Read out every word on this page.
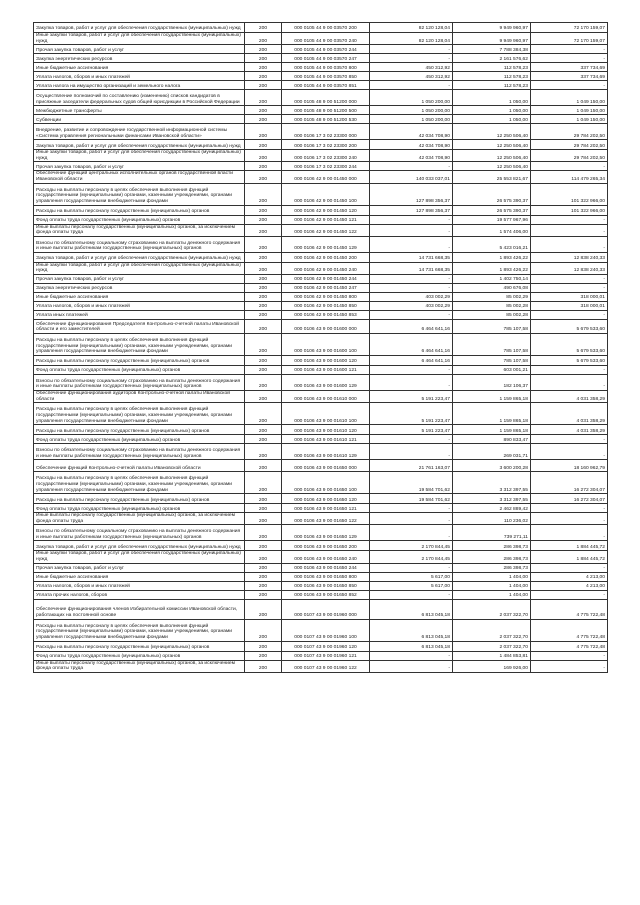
Закупка товаров, работ и услуг для обеспечения государственных (муниципальных) нужд	200	000 0105 44 9 00 03570 200	82 120 128,04	9 949 960,97	72 170 159,07
Иные закупки товаров, работ и услуг для обеспечения государственных (муниципальных) нужд	200	000 0105 44 9 00 03570 240	82 120 128,04	9 949 960,97	72 170 159,07
Прочая закупка товаров, работ и услуг	200	000 0105 44 9 00 03570 244	-	7 788 384,38	-
Закупка энергетических ресурсов	200	000 0105 44 9 00 03570 247	-	2 161 576,62	-
Иные бюджетные ассигнования	200	000 0105 44 9 00 03570 800	450 312,92	112 578,23	337 734,69
Уплата налогов, сборов и иных платежей	200	000 0105 44 9 00 03570 850	450 312,92	112 578,23	337 734,69
Уплата налога на имущество организаций и земельного налога	200	000 0105 44 9 00 03570 851	-	112 578,23	-
Осуществление полномочий по составлению (изменению) списков кандидатов в присяжные заседатели федеральных судов общей юрисдикции в Российской Федерации	200	000 0105 48 9 00 51200 000	1 050 200,00	1 050,00	1 049 150,00
Межбюджетные трансферты	200	000 0105 48 9 00 51200 500	1 050 200,00	1 050,00	1 049 150,00
Субвенции	200	000 0105 48 9 00 51200 530	1 050 200,00	1 050,00	1 049 150,00
Внедрение, развитие и сопровождение государственной информационной системы «Система управления региональными финансами Ивановской области»	200	000 0106 17 3 02 23300 000	42 034 708,90	12 250 506,40	29 784 202,50
Закупка товаров, работ и услуг для обеспечения государственных (муниципальных) нужд	200	000 0106 17 3 02 23300 200	42 034 708,90	12 250 506,40	29 784 202,50
Иные закупки товаров, работ и услуг для обеспечения государственных (муниципальных) нужд	200	000 0106 17 3 02 23300 240	42 034 708,90	12 250 506,40	29 784 202,50
Прочая закупка товаров, работ и услуг	200	000 0106 17 3 02 23300 244	-	12 250 506,40	-
Обеспечение функций центральных исполнительных органов государственной власти Ивановской области	200	000 0106 42 9 00 01450 000	140 033 037,01	25 553 821,67	114 479 265,34
Расходы на выплаты персоналу в целях обеспечения выполнения функций государственными (муниципальными) органами, казенными учреждениями, органами управления государственными внебюджетными фондами	200	000 0106 42 9 00 01450 100	127 898 356,37	26 575 390,37	101 322 966,00
Расходы на выплаты персоналу государственных (муниципальных) органов	200	000 0106 42 9 00 01450 120	127 898 356,37	26 575 390,37	101 322 966,00
Фонд оплаты труда государственных (муниципальных) органов	200	000 0106 42 9 00 01450 121	-	19 577 967,96	-
Иные выплаты персоналу государственных (муниципальных) органов, за исключением фонда оплаты труда	200	000 0106 42 9 00 01450 122	-	1 574 406,00	-
Взносы по обязательному социальному страхованию на выплаты денежного содержания и иные выплаты работникам государственных (муниципальных) органов	200	000 0106 42 9 00 01450 129	-	5 423 016,21	-
Закупка товаров, работ и услуг для обеспечения государственных (муниципальных) нужд	200	000 0106 42 9 00 01450 200	14 731 668,35	1 893 426,22	12 838 240,33
Иные закупки товаров, работ и услуг для обеспечения государственных (муниципальных) нужд	200	000 0106 42 9 00 01450 240	14 731 668,35	1 893 426,22	12 838 240,33
Прочая закупка товаров, работ и услуг	200	000 0106 42 9 00 01450 244	-	1 402 750,14	-
Закупка энергетических ресурсов	200	000 0106 42 9 00 01450 247	-	490 676,08	-
Иные бюджетные ассигнования	200	000 0106 42 9 00 01450 800	403 002,29	85 002,29	318 000,01
Уплата налогов, сборов и иных платежей	200	000 0106 42 9 00 01450 850	403 002,29	85 002,28	318 000,01
Уплата иных платежей	200	000 0106 42 9 00 01450 853	-	85 002,28	-
Обеспечение функционирования Председателя Контрольно-счетной палаты Ивановской области и его заместителей	200	000 0106 43 9 00 01600 000	6 464 641,16	785 107,58	5 679 533,60
Расходы на выплаты персоналу в целях обеспечения выполнения функций государственными (муниципальными) органами, казенными учреждениями, органами управления государственными внебюджетными фондами	200	000 0106 43 9 00 01600 100	6 464 641,16	785 107,58	5 679 533,60
Расходы на выплаты персоналу государственных (муниципальных) органов	200	000 0106 43 9 00 01600 120	6 464 641,16	785 107,58	5 679 533,60
Фонд оплаты труда государственных (муниципальных) органов	200	000 0106 43 9 00 01600 121	-	603 001,21	-
Взносы по обязательному социальному страхованию на выплаты денежного содержания и иные выплаты работникам государственных (муниципальных) органов	200	000 0106 43 9 00 01600 129	-	182 106,37	-
Обеспечение функционирования аудиторов Контрольно-счетной палаты Ивановской области	200	000 0106 43 9 00 01610 000	5 191 223,47	1 159 865,18	4 031 358,29
Расходы на выплаты персоналу в целях обеспечения выполнения функций государственными (муниципальными) органами, казенными учреждениями, органами управления государственными внебюджетными фондами	200	000 0106 43 9 00 01610 100	5 191 223,47	1 159 865,18	4 031 358,29
Расходы на выплаты персоналу государственных (муниципальных) органов	200	000 0106 43 9 00 01610 120	5 191 223,47	1 159 865,18	4 031 358,29
Фонд оплаты труда государственных (муниципальных) органов	200	000 0106 43 9 00 01610 121	-	890 833,47	-
Взносы по обязательному социальному страхованию на выплаты денежного содержания и иные выплаты работникам государственных (муниципальных) органов	200	000 0106 43 9 00 01610 129	-	269 031,71	-
Обеспечение функций Контрольно-счетной палаты Ивановской области	200	000 0106 43 9 00 01650 000	21 761 163,07	3 600 200,28	18 160 962,79
Расходы на выплаты персоналу в целях обеспечения выполнения функций государственными (муниципальными) органами, казенными учреждениями, органами управления государственными внебюджетными фондами	200	000 0106 43 9 00 01650 100	19 584 701,62	3 312 397,55	16 272 304,07
Расходы на выплаты персоналу государственных (муниципальных) органов	200	000 0106 43 9 00 01650 120	19 584 701,62	3 312 397,55	16 272 304,07
Фонд оплаты труда государственных (муниципальных) органов	200	000 0106 43 9 00 01650 121	-	2 462 889,42	-
Иные выплаты персоналу государственных (муниципальных) органов, за исключением фонда оплаты труда	200	000 0106 43 9 00 01650 122	-	110 236,02	-
Взносы по обязательному социальному страхованию на выплаты денежного содержания и иные выплаты работникам государственных (муниципальных) органов	200	000 0106 43 9 00 01650 129	-	739 271,11	-
Закупка товаров, работ и услуг для обеспечения государственных (муниципальных) нужд	200	000 0106 43 9 00 01650 200	2 170 844,45	286 398,73	1 884 445,72
Иные закупки товаров, работ и услуг для обеспечения государственных (муниципальных) нужд	200	000 0106 43 9 00 01650 240	2 170 844,45	286 398,73	1 884 445,72
Прочая закупка товаров, работ и услуг	200	000 0106 43 9 00 01650 244	-	286 398,73	-
Иные бюджетные ассигнования	200	000 0106 43 9 00 01650 800	5 617,00	1 404,00	4 213,00
Уплата налогов, сборов и иных платежей	200	000 0106 43 9 00 01650 850	5 617,00	1 404,00	4 213,00
Уплата прочих налогов, сборов	200	000 0106 43 9 00 01650 852	-	1 404,00	-
Обеспечение функционирования членов Избирательной комиссии Ивановской области, работающих на постоянной основе	200	000 0107 43 9 00 01960 000	6 813 045,18	2 037 322,70	4 775 722,48
Расходы на выплаты персоналу в целях обеспечения выполнения функций государственными (муниципальными) органами, казенными учреждениями, органами управления государственными внебюджетными фондами	200	000 0107 43 9 00 01960 100	6 813 045,18	2 037 322,70	4 775 722,48
Расходы на выплаты персоналу государственных (муниципальных) органов	200	000 0107 43 9 00 01960 120	6 813 045,18	2 037 322,70	4 775 722,48
Фонд оплаты труда государственных (муниципальных) органов	200	000 0107 43 9 00 01960 121	-	1 484 853,81	-
Иные выплаты персоналу государственных (муниципальных) органов, за исключением фонда оплаты труда	200	000 0107 43 9 00 01960 122	-	169 926,00	-
